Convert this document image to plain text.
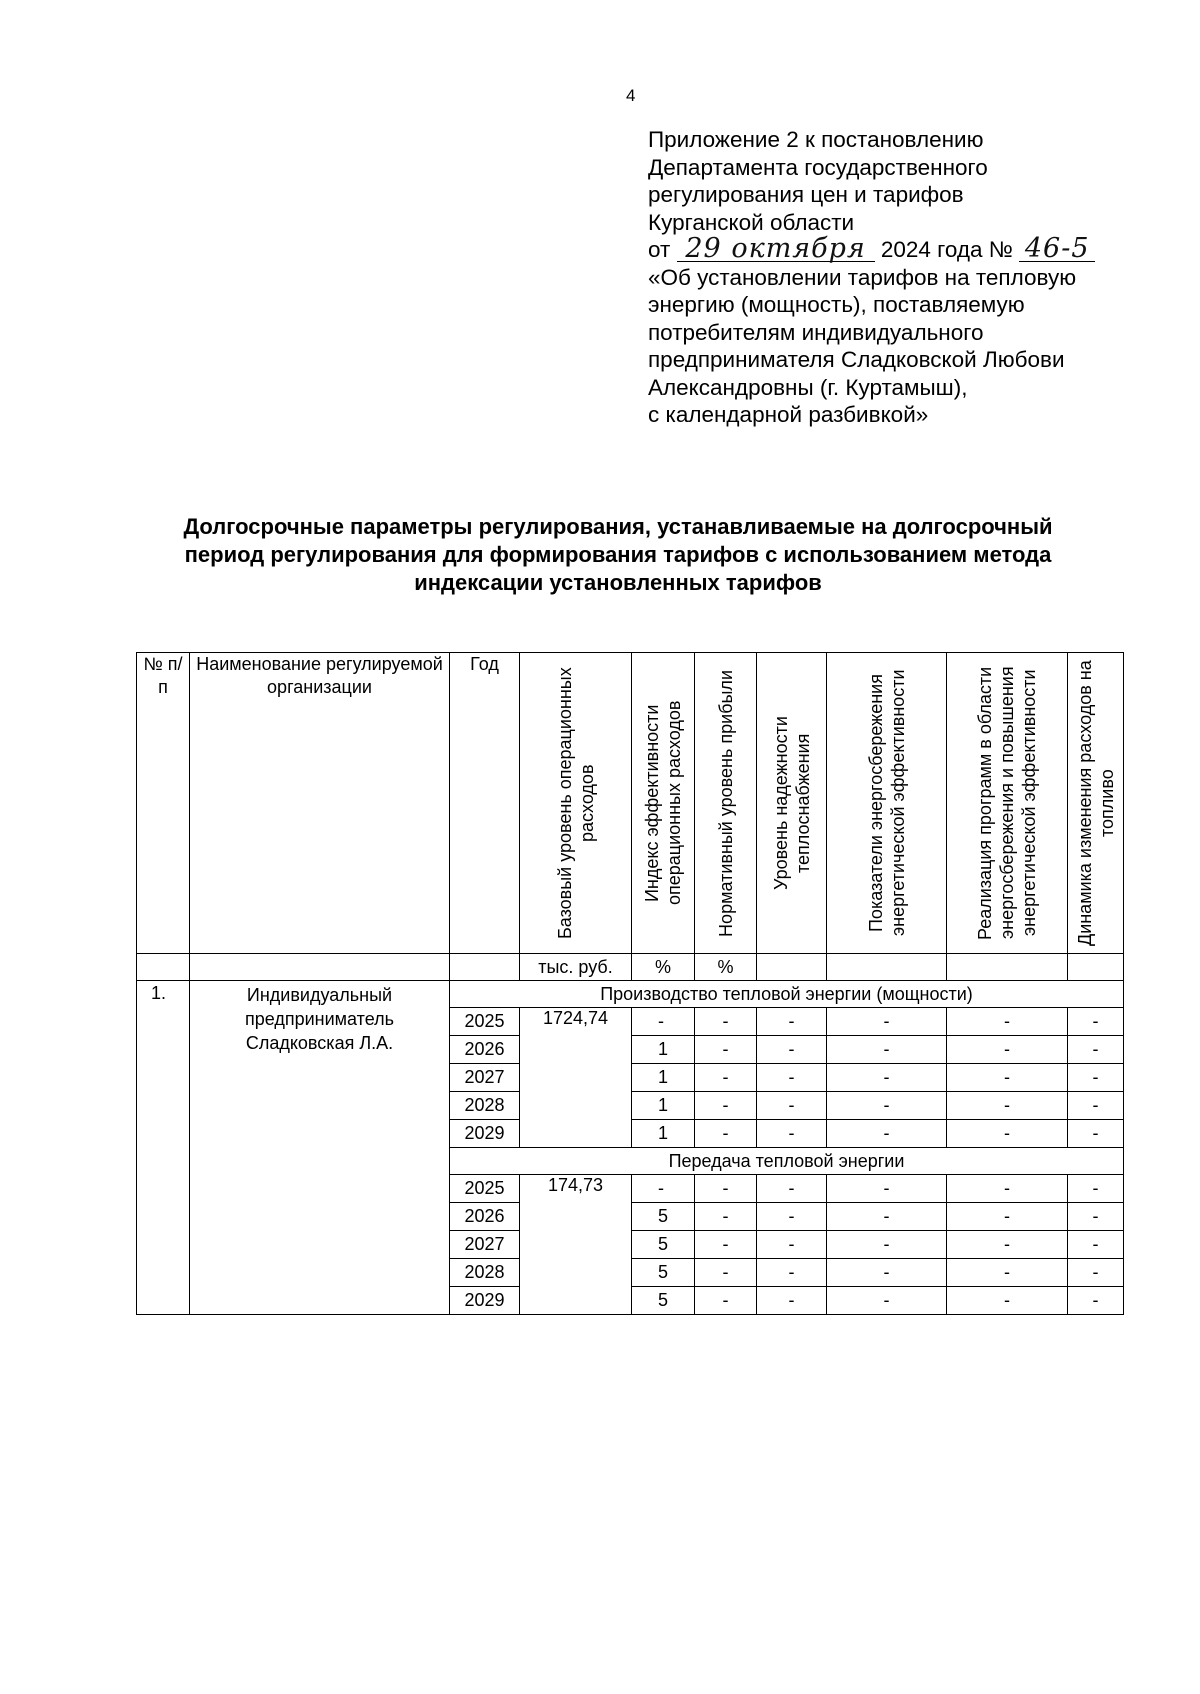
4
Приложение 2 к постановлению
Департамента государственного
регулирования цен и тарифов
Курганской области
от 29 октября 2024 года № 46-5
«Об установлении тарифов на тепловую
энергию (мощность), поставляемую
потребителям индивидуального
предпринимателя Сладковской Любови
Александровны (г. Куртамыш),
с календарной разбивкой»
Долгосрочные параметры регулирования, устанавливаемые на долгосрочный
период регулирования для формирования тарифов с использованием метода
индексации установленных тарифов
№ п/п	Наименование регулируемой организации	Год	Базовый уровень операционных расходов	Индекс эффективности операционных расходов	Нормативный уровень прибыли	Уровень надежности теплоснабжения	Показатели энергосбережения энергетической эффективности	Реализация программ в области энергосбережения и повышения энергетической эффективности	Динамика изменения расходов на топливо

			тыс. руб.	%	%				
1.	Индивидуальный предприниматель Сладковская Л.А.	Производство тепловой энергии (мощности)							
		2025	1724,74	-	-	-	-	-	-
		2026		1	-	-	-	-	-
		2027		1	-	-	-	-	-
		2028		1	-	-	-	-	-
		2029		1	-	-	-	-	-
		Передача тепловой энергии							
		2025	174,73	-	-	-	-	-	-
		2026		5	-	-	-	-	-
		2027		5	-	-	-	-	-
		2028		5	-	-	-	-	-
		2029		5	-	-	-	-	-
